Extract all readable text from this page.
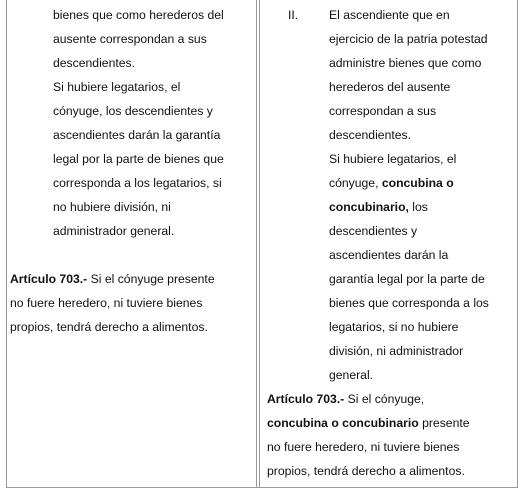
bienes que como herederos del
ausente correspondan a sus
descendientes.
Si hubiere legatarios, el
cónyuge, los descendientes y
ascendientes darán la garantía
legal por la parte de bienes que
corresponda a los legatarios, si
no hubiere división, ni
administrador general.
Artículo 703.- Si el cónyuge presente
no fuere heredero, ni tuviere bienes
propios, tendrá derecho a alimentos.
II.	El ascendiente que en
ejercicio de la patria potestad
administre bienes que como
herederos del ausente
correspondan a sus
descendientes.
Si hubiere legatarios, el
cónyuge, concubina o
concubinario, los
descendientes y
ascendientes darán la
garantía legal por la parte de
bienes que corresponda a los
legatarios, si no hubiere
división, ni administrador
general.
Artículo 703.- Si el cónyuge,
concubina o concubinario presente
no fuere heredero, ni tuviere bienes
propios, tendrá derecho a alimentos.
